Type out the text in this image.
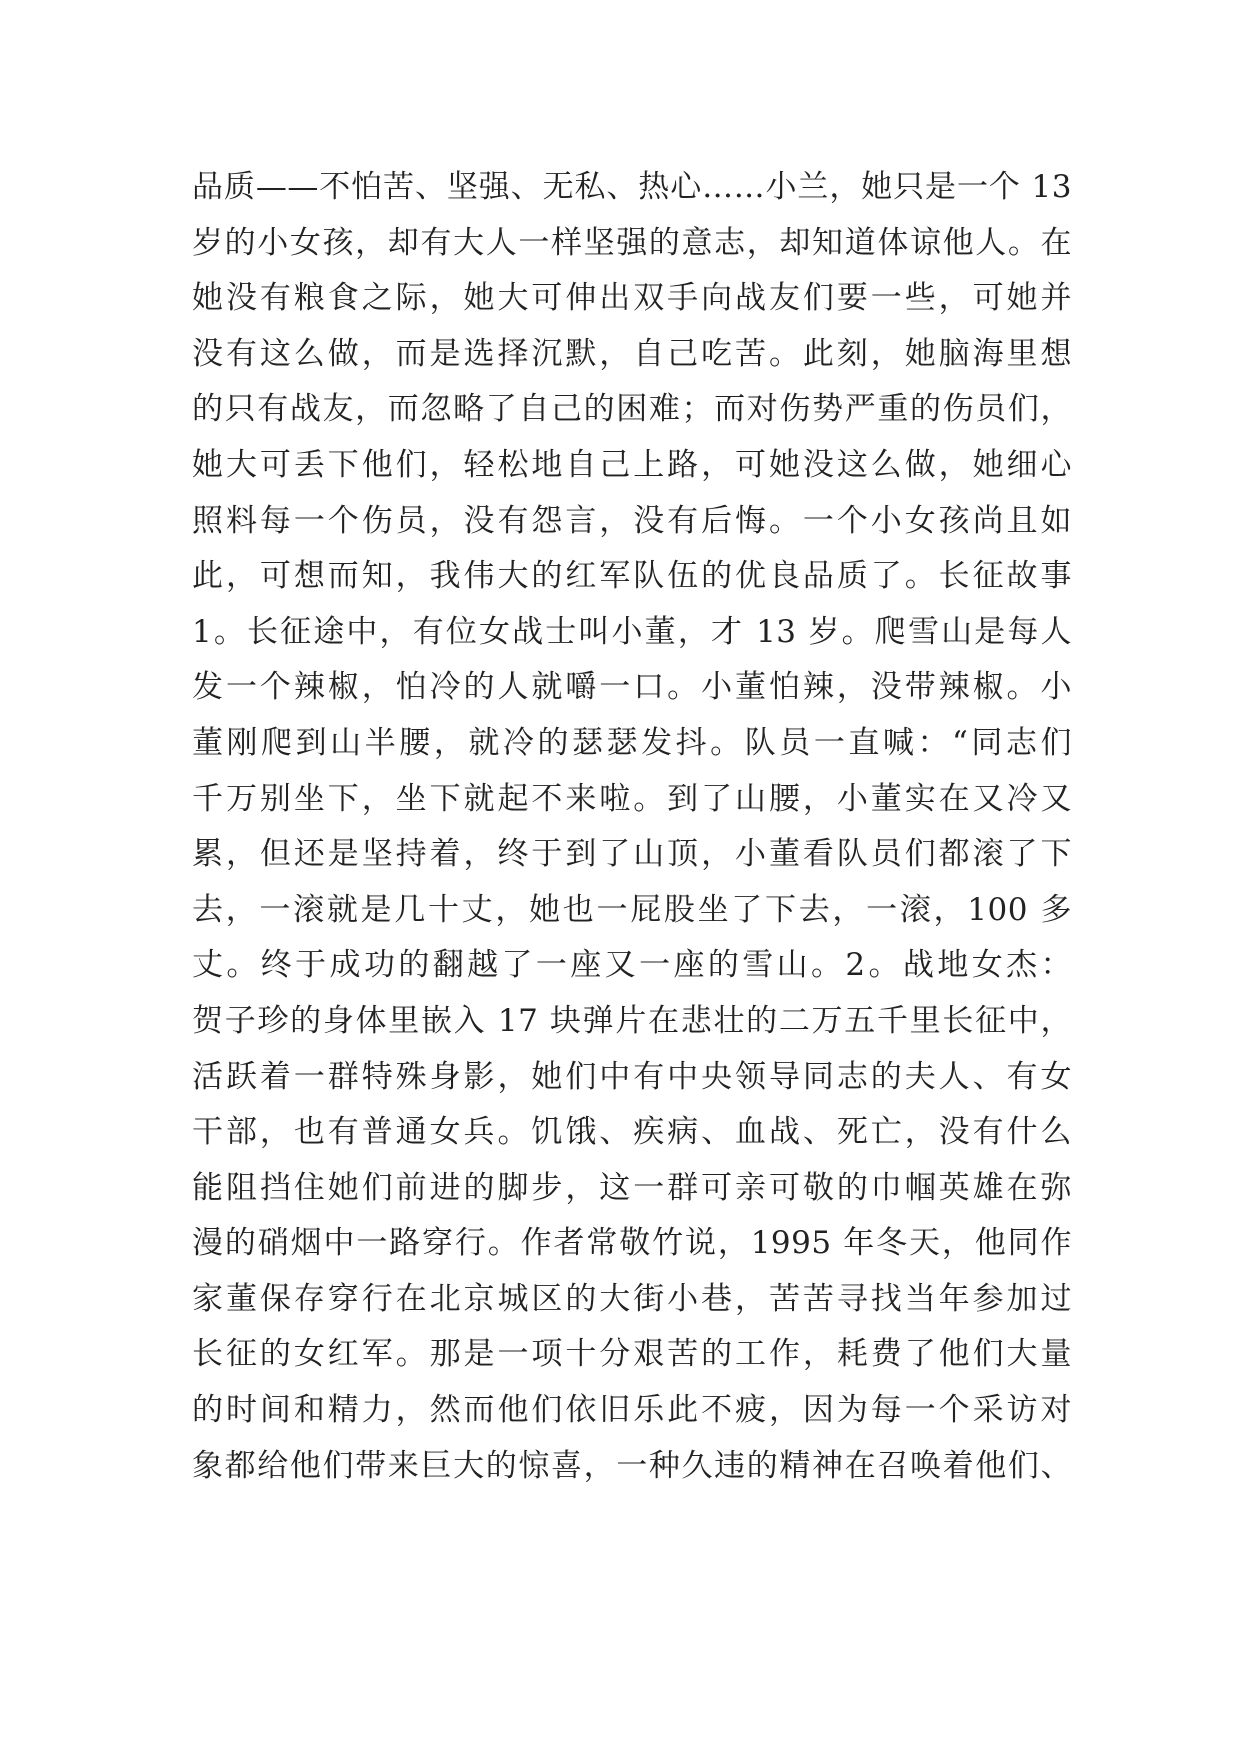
品质——不怕苦、坚强、无私、热心……小兰，她只是一个 13
岁的小女孩，却有大人一样坚强的意志，却知道体谅他人。在
她没有粮食之际，她大可伸出双手向战友们要一些，可她并
没有这么做，而是选择沉默，自己吃苦。此刻，她脑海里想
的只有战友，而忽略了自己的困难；而对伤势严重的伤员们，
她大可丢下他们，轻松地自己上路，可她没这么做，她细心
照料每一个伤员，没有怨言，没有后悔。一个小女孩尚且如
此，可想而知，我伟大的红军队伍的优良品质了。长征故事
1。长征途中，有位女战士叫小董，才 13 岁。爬雪山是每人
发一个辣椒，怕冷的人就嚼一口。小董怕辣，没带辣椒。小
董刚爬到山半腰，就冷的瑟瑟发抖。队员一直喊：“同志们
千万别坐下，坐下就起不来啦。到了山腰，小董实在又冷又
累，但还是坚持着，终于到了山顶，小董看队员们都滚了下
去，一滚就是几十丈，她也一屁股坐了下去，一滚，100 多
丈。终于成功的翻越了一座又一座的雪山。2。战地女杰：
贺子珍的身体里嵌入 17 块弹片在悲壮的二万五千里长征中，
活跃着一群特殊身影，她们中有中央领导同志的夫人、有女
干部，也有普通女兵。饥饿、疾病、血战、死亡，没有什么
能阻挡住她们前进的脚步，这一群可亲可敬的巾帼英雄在弥
漫的硝烟中一路穿行。作者常敬竹说，1995 年冬天，他同作
家董保存穿行在北京城区的大街小巷，苦苦寻找当年参加过
长征的女红军。那是一项十分艰苦的工作，耗费了他们大量
的时间和精力，然而他们依旧乐此不疲，因为每一个采访对
象都给他们带来巨大的惊喜，一种久违的精神在召唤着他们、
